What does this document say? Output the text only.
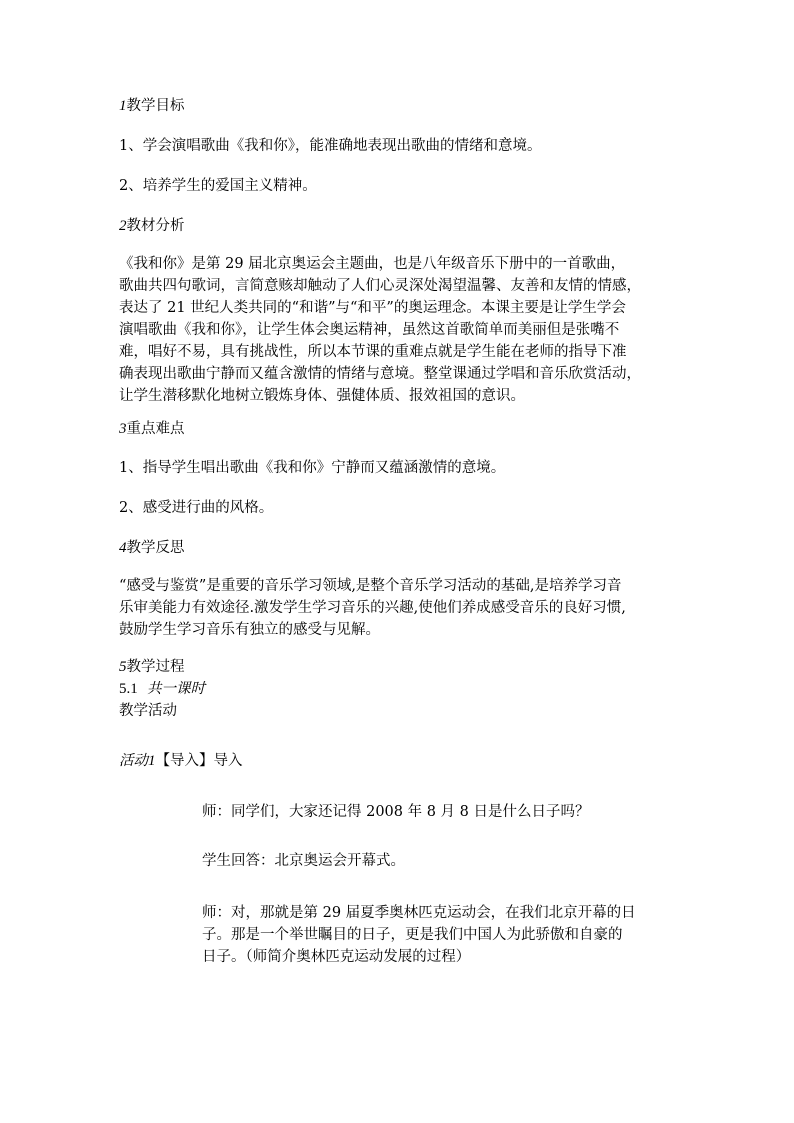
1教学目标
1、学会演唱歌曲《我和你》，能准确地表现出歌曲的情绪和意境。
2、培养学生的爱国主义精神。
2教材分析
《我和你》是第 29 届北京奥运会主题曲，也是八年级音乐下册中的一首歌曲，
歌曲共四句歌词，言简意赅却触动了人们心灵深处渴望温馨、友善和友情的情感，
表达了 21 世纪人类共同的“和谐”与“和平”的奥运理念。本课主要是让学生学会
演唱歌曲《我和你》，让学生体会奥运精神，虽然这首歌简单而美丽但是张嘴不
难，唱好不易，具有挑战性，所以本节课的重难点就是学生能在老师的指导下准
确表现出歌曲宁静而又蕴含激情的情绪与意境。整堂课通过学唱和音乐欣赏活动，
让学生潜移默化地树立锻炼身体、强健体质、报效祖国的意识。
3重点难点
1、指导学生唱出歌曲《我和你》宁静而又蕴涵激情的意境。
2、感受进行曲的风格。
4教学反思
“感受与鉴赏”是重要的音乐学习领域,是整个音乐学习活动的基础,是培养学习音
乐审美能力有效途径.激发学生学习音乐的兴趣,使他们养成感受音乐的良好习惯,
鼓励学生学习音乐有独立的感受与见解。
5教学过程
5.1 共一课时
教学活动
活动1【导入】导入
师：同学们，大家还记得 2008 年 8 月 8 日是什么日子吗？
学生回答：北京奥运会开幕式。
师：对，那就是第 29 届夏季奥林匹克运动会，在我们北京开幕的日
子。那是一个举世瞩目的日子，更是我们中国人为此骄傲和自豪的
日子。（师简介奥林匹克运动发展的过程）
